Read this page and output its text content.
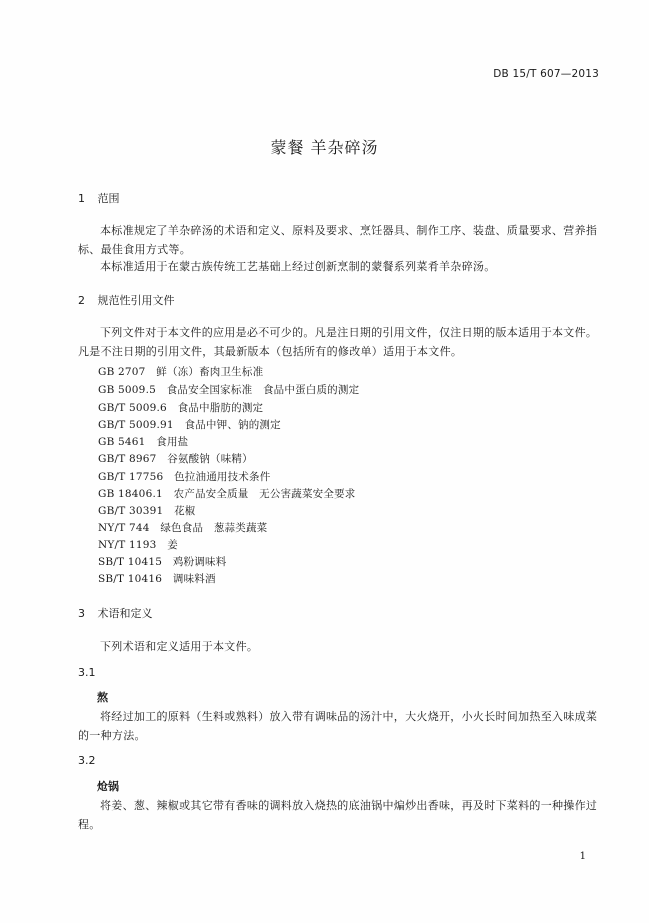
DB 15/T 607—2013
蒙餐 羊杂碎汤
1 范围
本标准规定了羊杂碎汤的术语和定义、原料及要求、烹饪器具、制作工序、装盘、质量要求、营养指标、最佳食用方式等。
本标准适用于在蒙古族传统工艺基础上经过创新烹制的蒙餐系列菜肴羊杂碎汤。
2 规范性引用文件
下列文件对于本文件的应用是必不可少的。凡是注日期的引用文件，仅注日期的版本适用于本文件。凡是不注日期的引用文件，其最新版本（包括所有的修改单）适用于本文件。
GB 2707　 鲜（冻）畜肉卫生标准
GB 5009.5　 食品安全国家标准　食品中蛋白质的测定
GB/T 5009.6　 食品中脂肪的测定
GB/T 5009.91　 食品中钾、钠的测定
GB 5461　 食用盐
GB/T 8967　 谷氨酸钠（味精）
GB/T 17756　 色拉油通用技术条件
GB 18406.1　 农产品安全质量　无公害蔬菜安全要求
GB/T 30391　 花椒
NY/T 744　 绿色食品　葱蒜类蔬菜
NY/T 1193　 姜
SB/T 10415　 鸡粉调味料
SB/T 10416　 调味料酒
3 术语和定义
下列术语和定义适用于本文件。
3.1
熬
将经过加工的原料（生料或熟料）放入带有调味品的汤汁中，大火烧开，小火长时间加热至入味成菜的一种方法。
3.2
炝锅
将姜、葱、辣椒或其它带有香味的调料放入烧热的底油锅中煸炒出香味，再及时下菜料的一种操作过程。
1
